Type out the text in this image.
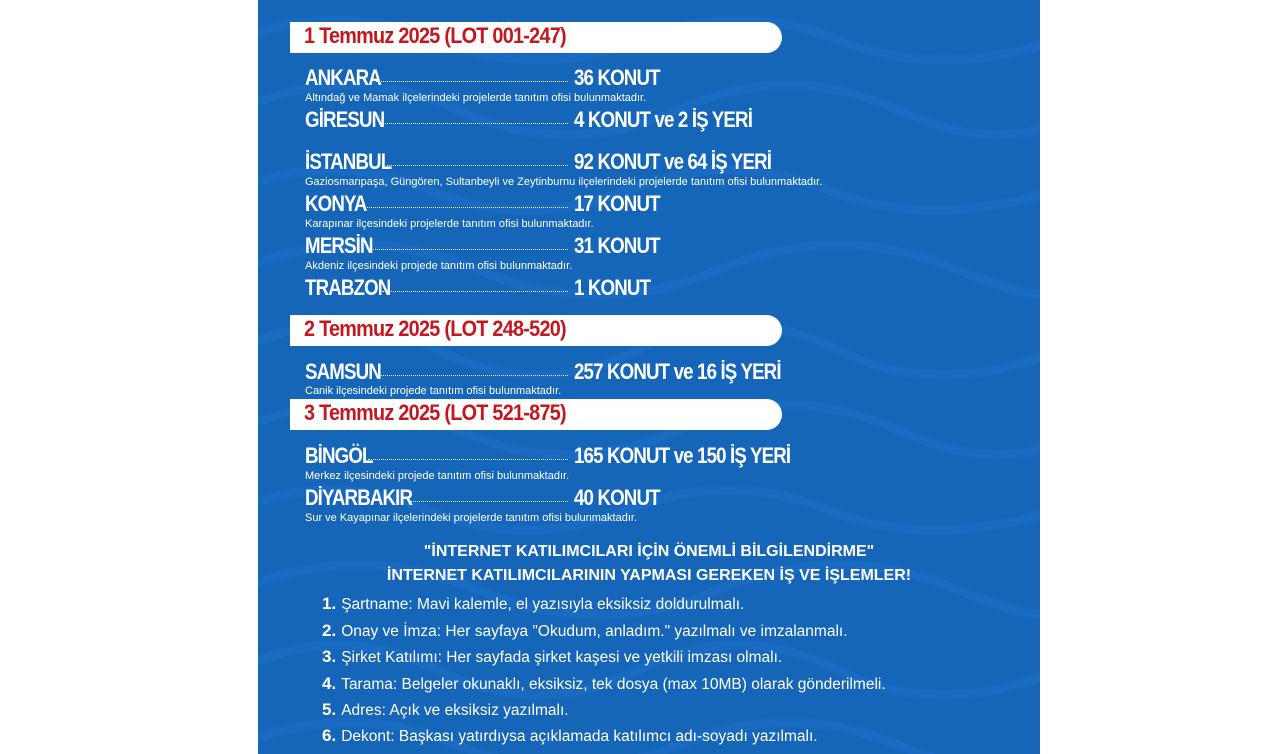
1 Temmuz 2025 (LOT 001-247)
ANKARA	36 KONUT
Altındağ ve Mamak ilçelerindeki projelerde tanıtım ofisi bulunmaktadır.
GİRESUN	4 KONUT ve 2 İŞ YERİ
İSTANBUL	92 KONUT ve 64 İŞ YERİ
Gaziosmanpaşa, Güngören, Sultanbeyli ve Zeytinburnu ilçelerindeki projelerde tanıtım ofisi bulunmaktadır.
KONYA	17 KONUT
Karapınar ilçesindeki projelerde tanıtım ofisi bulunmaktadır.
MERSİN	31 KONUT
Akdeniz ilçesindeki projede tanıtım ofisi bulunmaktadır.
TRABZON	1 KONUT
2 Temmuz 2025 (LOT 248-520)
SAMSUN	257 KONUT ve 16 İŞ YERİ
Canik ilçesindeki projede tanıtım ofisi bulunmaktadır.
3 Temmuz 2025 (LOT 521-875)
BİNGÖL	165 KONUT ve 150 İŞ YERİ
Merkez ilçesindeki projede tanıtım ofisi bulunmaktadır.
DİYARBAKIR	40 KONUT
Sur ve Kayapınar ilçelerindeki projelerde tanıtım ofisi bulunmaktadır.
"İNTERNET KATILIMCILARI İÇİN ÖNEMLİ BİLGİLENDİRME"
İNTERNET KATILIMCILARININ YAPMASI GEREKEN İŞ VE İŞLEMLER!
1. Şartname: Mavi kalemle, el yazısıyla eksiksiz doldurulmalı.
2. Onay ve İmza: Her sayfaya "Okudum, anladım." yazılmalı ve imzalanmalı.
3. Şirket Katılımı: Her sayfada şirket kaşesi ve yetkili imzası olmalı.
4. Tarama: Belgeler okunaklı, eksiksiz, tek dosya (max 10MB) olarak gönderilmeli.
5. Adres: Açık ve eksiksiz yazılmalı.
6. Dekont: Başkası yatırdıysa açıklamada katılımcı adı-soyadı yazılmalı.
